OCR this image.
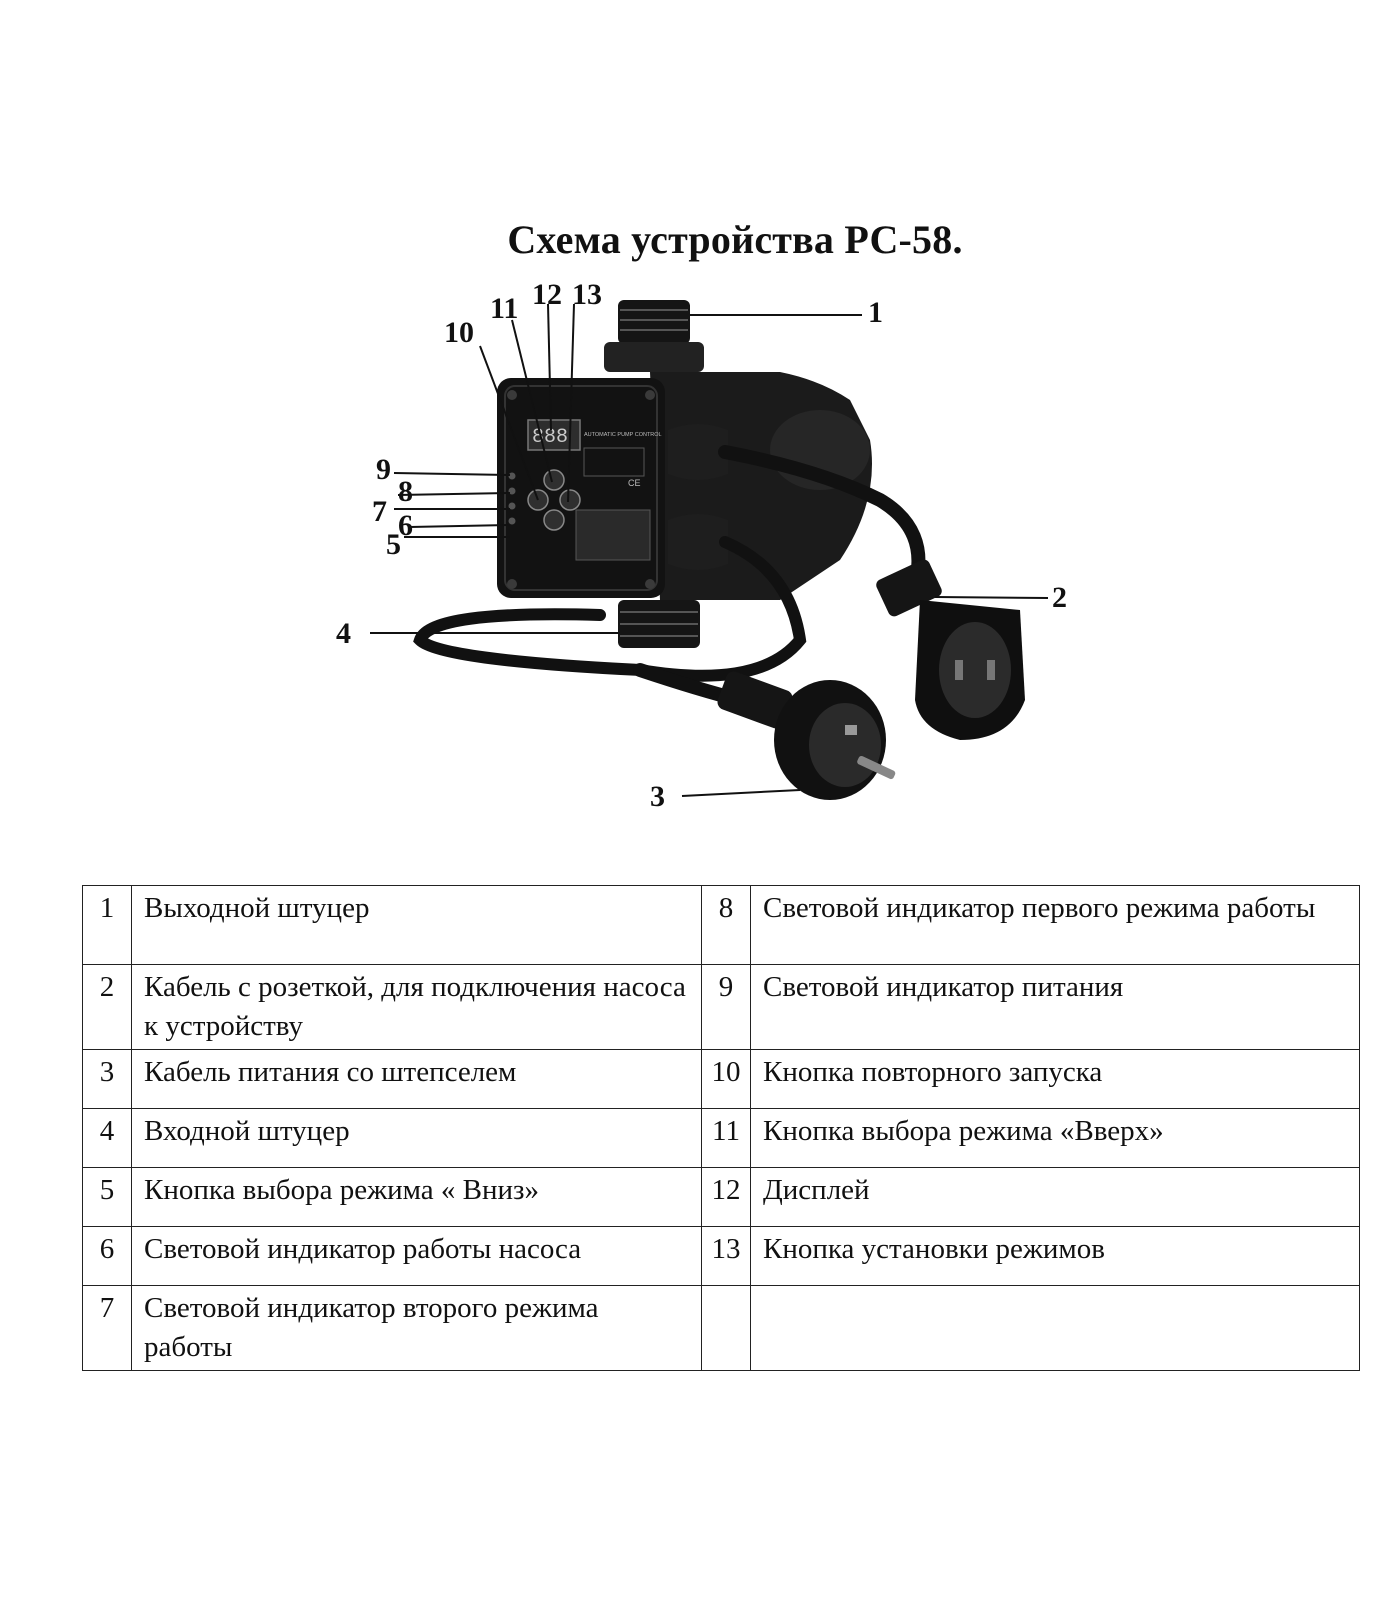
Схема устройства РС-58.
888	AUTOMATIC PUMP CONTROL
CE
1
2
3
4
5
6
7
8
9
10
11 12 13
1	Выходной штуцер	8	Световой индикатор первого режима работы
2	Кабель с розеткой, для подключения насоса к устройству	9	Световой индикатор питания
3	Кабель питания со штепселем	10	Кнопка повторного запуска
4	Входной штуцер	11	Кнопка выбора режима «Вверх»
5	Кнопка выбора режима « Вниз»	12	Дисплей
6	Световой индикатор работы насоса	13	Кнопка установки режимов
7	Световой индикатор второго режима работы		
